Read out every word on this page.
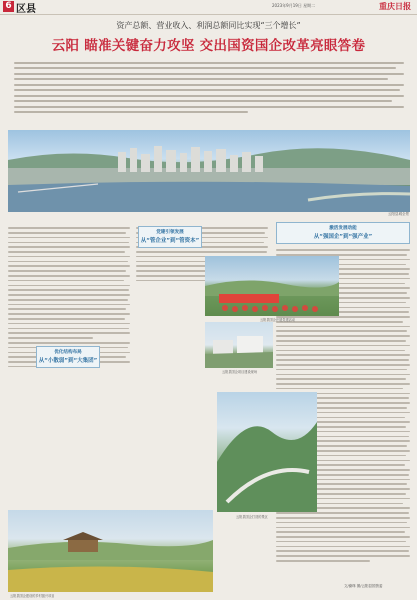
6 区县	2023年9月19日 星期二	重庆日报
资产总额、营业收入、利润总额同比实现“三个增长”
云阳 瞄准关键奋力攻坚 交出国资国企改革亮眼答卷
云阳县城全景
激活发展动能
从“强国企”到“强产业”
文/谢珠 图/云阳县国资委
云阳县国企开展党建活动
云阳县国企项目建设现场
优化结构布局
从“小散弱”到“大集团”
党建引领发展
从“管企业”到“管资本”
云阳县国企打造的景区
云阳县国企建设的乡村振兴项目
